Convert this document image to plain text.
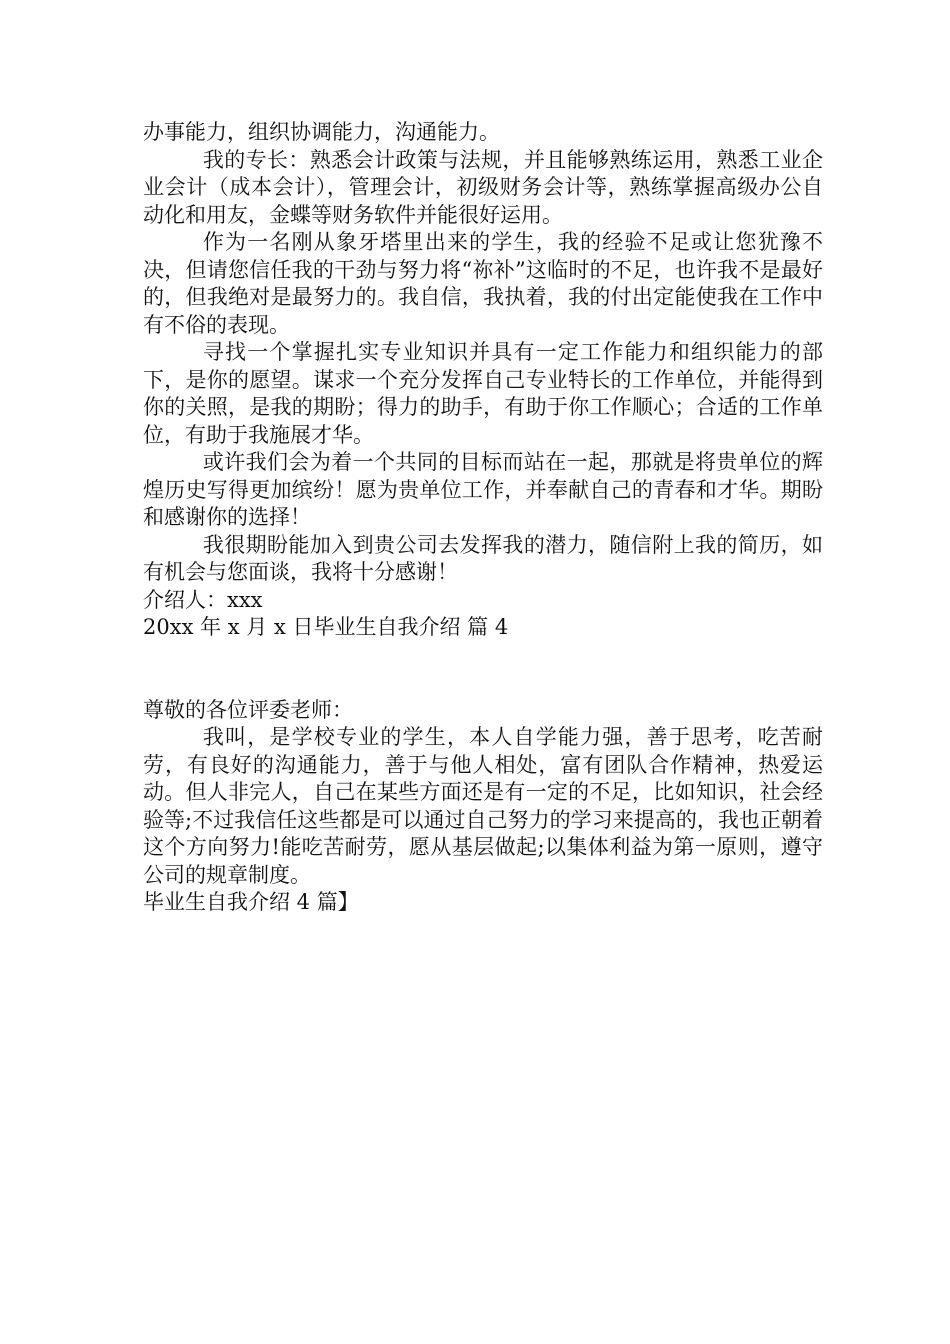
办事能力，组织协调能力，沟通能力。

我的专长：熟悉会计政策与法规，并且能够熟练运用，熟悉工业企业会计（成本会计），管理会计，初级财务会计等，熟练掌握高级办公自动化和用友，金蝶等财务软件并能很好运用。

作为一名刚从象牙塔里出来的学生，我的经验不足或让您犹豫不决，但请您信任我的干劲与努力将“祢补”这临时的不足，也许我不是最好的，但我绝对是最努力的。我自信，我执着，我的付出定能使我在工作中有不俗的表现。

寻找一个掌握扎实专业知识并具有一定工作能力和组织能力的部下，是你的愿望。谋求一个充分发挥自己专业特长的工作单位，并能得到你的关照，是我的期盼；得力的助手，有助于你工作顺心；合适的工作单位，有助于我施展才华。

或许我们会为着一个共同的目标而站在一起，那就是将贵单位的辉煌历史写得更加缤纷！愿为贵单位工作，并奉献自己的青春和才华。期盼和感谢你的选择！

我很期盼能加入到贵公司去发挥我的潜力，随信附上我的简历，如有机会与您面谈，我将十分感谢！

介绍人：xxx

20xx 年 x 月 x 日毕业生自我介绍 篇 4

尊敬的各位评委老师：

我叫，是学校专业的学生，本人自学能力强，善于思考，吃苦耐劳，有良好的沟通能力，善于与他人相处，富有团队合作精神，热爱运动。但人非完人，自己在某些方面还是有一定的不足，比如知识，社会经验等;不过我信任这些都是可以通过自己努力的学习来提高的，我也正朝着这个方向努力!能吃苦耐劳，愿从基层做起;以集体利益为第一原则，遵守公司的规章制度。

毕业生自我介绍 4 篇】
